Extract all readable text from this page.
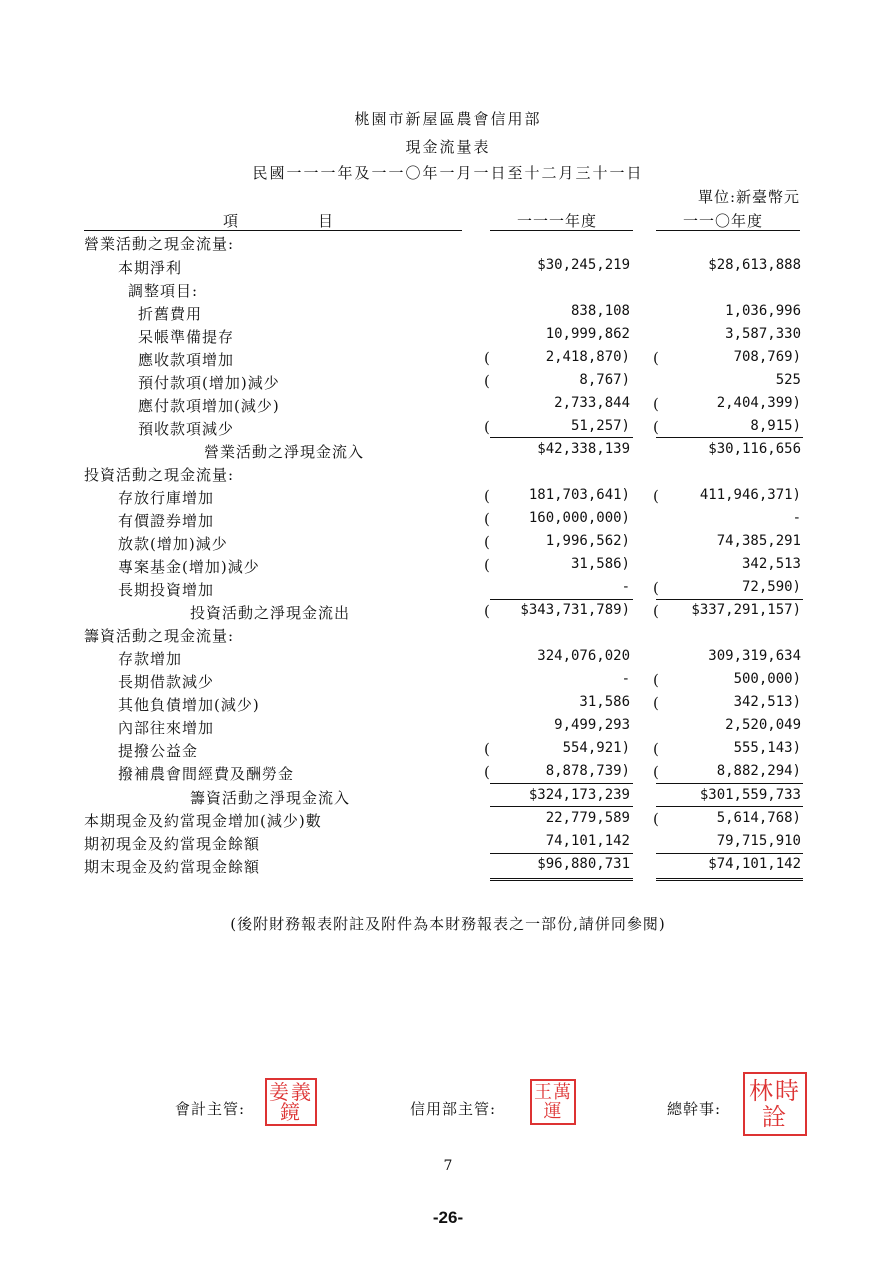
桃園市新屋區農會信用部
現金流量表
民國一一一年及一一〇年一月一日至十二月三十一日
單位:新臺幣元
項	目	一一一年度	一一〇年度
營業活動之現金流量:
本期淨利	$30,245,219	$28,613,888
調整項目:
折舊費用	838,108	1,036,996
呆帳準備提存	10,999,862	3,587,330
應收款項增加	(	2,418,870) (	708,769)
預付款項(增加)減少	(	8,767)	525
應付款項增加(減少)	2,733,844 (	2,404,399)
預收款項減少	(	51,257) (	8,915)
營業活動之淨現金流入	$42,338,139	$30,116,656
投資活動之現金流量:
存放行庫增加	(	181,703,641) (	411,946,371)
有價證券增加	(	160,000,000)	-
放款(增加)減少	(	1,996,562)	74,385,291
專案基金(增加)減少	(	31,586)	342,513
長期投資增加	- (	72,590)
投資活動之淨現金流出	( $343,731,789) ( $337,291,157)
籌資活動之現金流量:
存款增加	324,076,020	309,319,634
長期借款減少	- (	500,000)
其他負債增加(減少)	31,586 (	342,513)
內部往來增加	9,499,293	2,520,049
提撥公益金	(	554,921) (	555,143)
撥補農會間經費及酬勞金	(	8,878,739) (	8,882,294)
籌資活動之淨現金流入	$324,173,239	$301,559,733
本期現金及約當現金增加(減少)數	22,779,589 (	5,614,768)
期初現金及約當現金餘額	74,101,142	79,715,910
期末現金及約當現金餘額	$96,880,731	$74,101,142
(後附財務報表附註及附件為本財務報表之一部份,請併同參閱)
會計主管:
姜義鏡	信用部主管:
王萬運	總幹事:
林時詮
7
-26-
